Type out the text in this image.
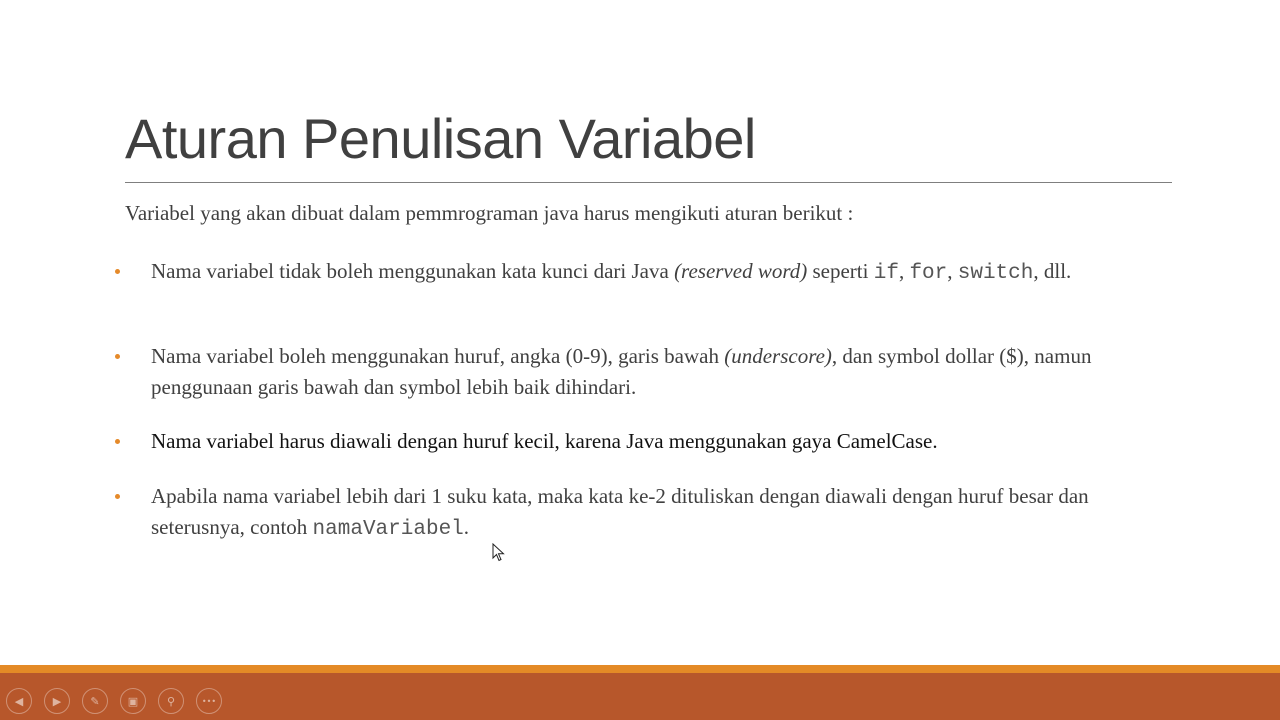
Aturan Penulisan Variabel
Variabel yang akan dibuat dalam pemmrograman java harus mengikuti aturan berikut :
Nama variabel tidak boleh menggunakan kata kunci dari Java (reserved word) seperti if, for, switch, dll.
Nama variabel boleh menggunakan huruf, angka (0-9), garis bawah (underscore), dan symbol dollar ($), namun penggunaan garis bawah dan symbol lebih baik dihindari.
Nama variabel harus diawali dengan huruf kecil, karena Java menggunakan gaya CamelCase.
Apabila nama variabel lebih dari 1 suku kata, maka kata ke-2 dituliskan dengan diawali dengan huruf besar dan seterusnya, contoh namaVariabel.
◀	▶	✎	▣	⚲	•••
